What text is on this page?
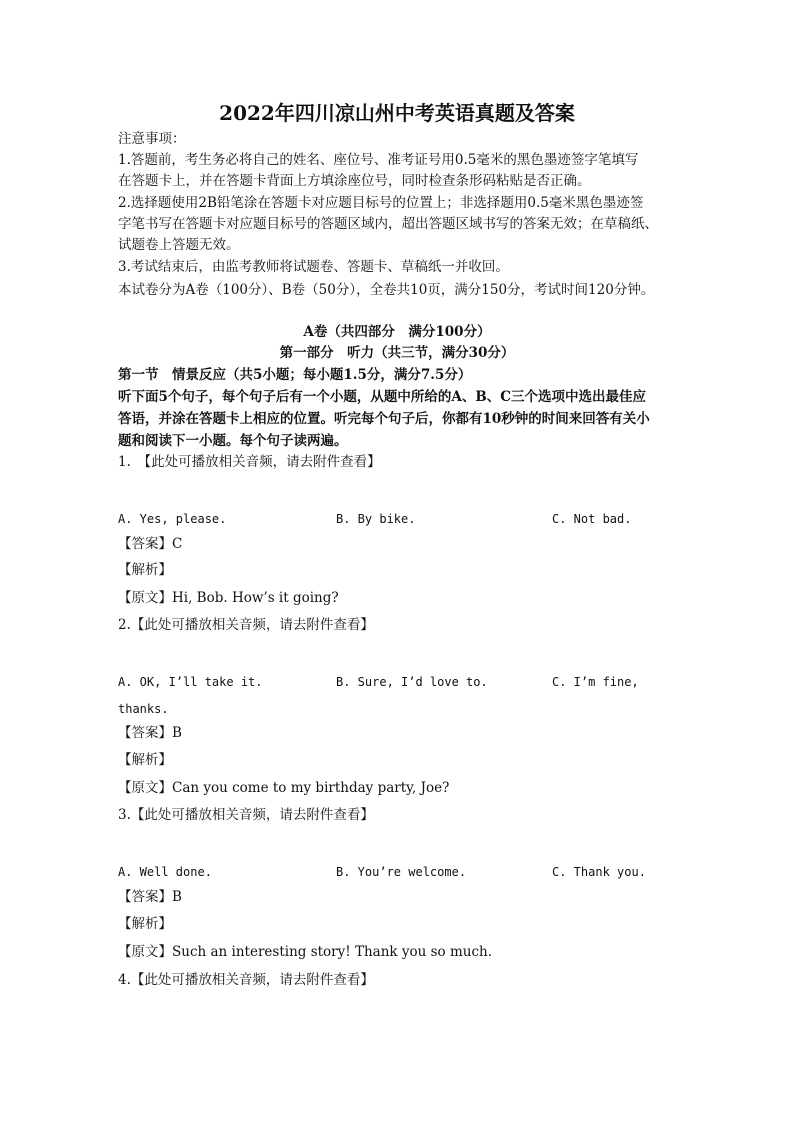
2022年四川凉山州中考英语真题及答案
注意事项：
1.答题前，考生务必将自己的姓名、座位号、准考证号用0.5毫米的黑色墨迹签字笔填写
在答题卡上，并在答题卡背面上方填涂座位号，同时检查条形码粘贴是否正确。
2.选择题使用2B铅笔涂在答题卡对应题目标号的位置上；非选择题用0.5毫米黑色墨迹签
字笔书写在答题卡对应题目标号的答题区域内，超出答题区域书写的答案无效；在草稿纸、
试题卷上答题无效。
3.考试结束后，由监考教师将试题卷、答题卡、草稿纸一并收回。
本试卷分为A卷（100分）、B卷（50分），全卷共10页，满分150分，考试时间120分钟。
A卷（共四部分　满分100分）
第一部分　听力（共三节，满分30分）
第一节　情景反应（共5小题；每小题1.5分，满分7.5分）
听下面5个句子，每个句子后有一个小题，从题中所给的A、B、C三个选项中选出最佳应
答语，并涂在答题卡上相应的位置。听完每个句子后，你都有10秒钟的时间来回答有关小
题和阅读下一小题。每个句子读两遍。
1.　【此处可播放相关音频，请去附件查看】
A. Yes, please.	B. By bike.	C. Not bad.
【答案】C
【解析】
【原文】Hi, Bob. How’s it going?
2.【此处可播放相关音频，请去附件查看】
A. OK, I’ll take it.	B. Sure, I’d love to.	C. I’m fine,
thanks.
【答案】B
【解析】
【原文】Can you come to my birthday party, Joe?
3.【此处可播放相关音频，请去附件查看】
A. Well done.	B. You’re welcome.	C. Thank you.
【答案】B
【解析】
【原文】Such an interesting story! Thank you so much.
4.【此处可播放相关音频，请去附件查看】
